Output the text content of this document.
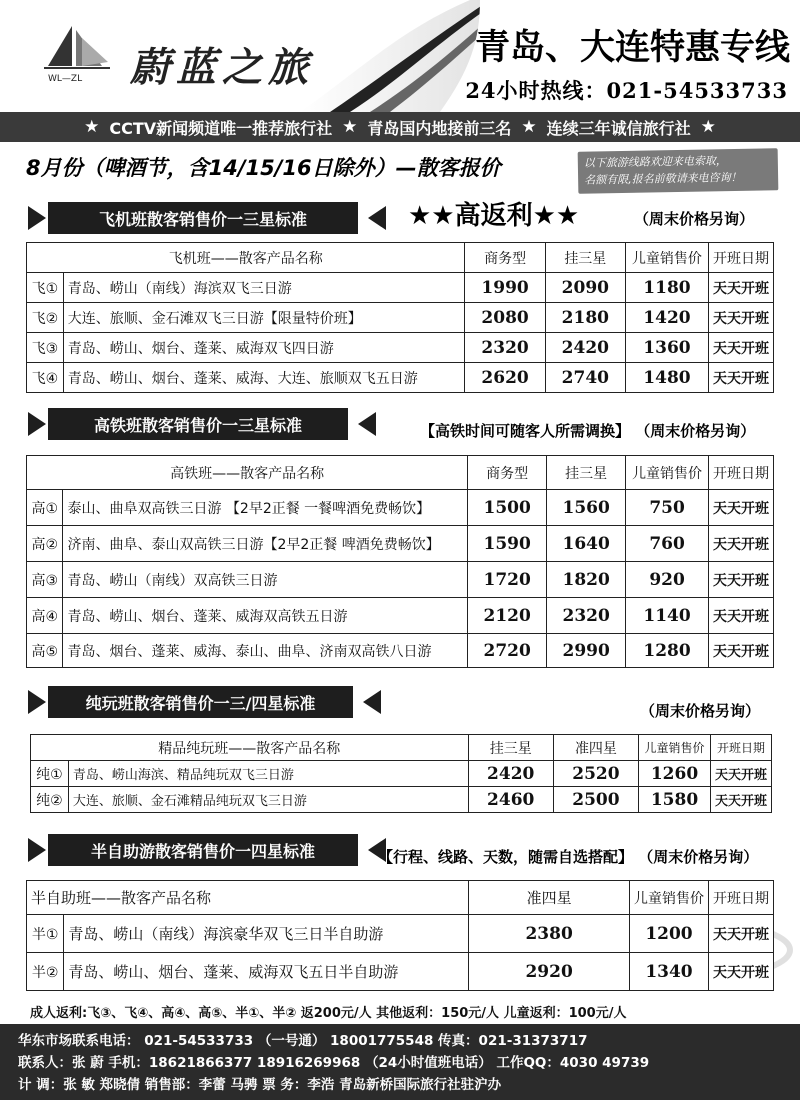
WL—ZL 蔚蓝之旅	青岛、大连特惠专线
24小时热线：021-54533733
★ CCTV新闻频道唯一推荐旅行社 ★ 青岛国内地接前三名 ★ 连续三年诚信旅行社 ★
8月份（啤酒节，含14/15/16日除外）—散客报价	以下旅游线路欢迎来电索取，
名额有限,报名前敬请来电咨询！
飞机班散客销售价一三星标准	★★高返利★★	（周末价格另询）
飞机班——散客产品名称		商务型	挂三星	儿童销售价	开班日期
飞①	青岛、崂山（南线）海滨双飞三日游	1990	2090	1180	天天开班
飞②	大连、旅顺、金石滩双飞三日游【限量特价班】	2080	2180	1420	天天开班
飞③	青岛、崂山、烟台、蓬莱、威海双飞四日游	2320	2420	1360	天天开班
飞④	青岛、崂山、烟台、蓬莱、威海、大连、旅顺双飞五日游	2620	2740	1480	天天开班
高铁班散客销售价一三星标准	【高铁时间可随客人所需调换】 （周末价格另询）
高铁班——散客产品名称		商务型	挂三星	儿童销售价	开班日期
高①	泰山、曲阜双高铁三日游 【2早2正餐 一餐啤酒免费畅饮】	1500	1560	750	天天开班
高②	济南、曲阜、泰山双高铁三日游【2早2正餐 啤酒免费畅饮】	1590	1640	760	天天开班
高③	青岛、崂山（南线）双高铁三日游	1720	1820	920	天天开班
高④	青岛、崂山、烟台、蓬莱、威海双高铁五日游	2120	2320	1140	天天开班
高⑤	青岛、烟台、蓬莱、威海、泰山、曲阜、济南双高铁八日游	2720	2990	1280	天天开班
纯玩班散客销售价一三/四星标准	（周末价格另询）
精品纯玩班——散客产品名称		挂三星	准四星	儿童销售价	开班日期
纯①	青岛、崂山海滨、精品纯玩双飞三日游	2420	2520	1260	天天开班
纯②	大连、旅顺、金石滩精品纯玩双飞三日游	2460	2500	1580	天天开班
半自助游散客销售价一四星标准	【行程、线路、天数，随需自选搭配】 （周末价格另询）
半自助班——散客产品名称		准四星	儿童销售价	开班日期
半①	青岛、崂山（南线）海滨豪华双飞三日半自助游	2380	1200	天天开班
半②	青岛、崂山、烟台、蓬莱、威海双飞五日半自助游	2920	1340	天天开班
成人返利:飞③、飞④、高④、高⑤、半①、半② 返200元/人 其他返利：150元/人 儿童返利：100元/人
华东市场联系电话： 021-54533733 （一号通） 18001775548 传真：021-31373717
联系人：张 蔚 手机：18621866377 18916269968 （24小时值班电话） 工作QQ：4030 49739
计 调：张 敏 郑晓倩 销售部：李蕾 马骋 票 务：李浩 青岛新桥国际旅行社驻沪办
